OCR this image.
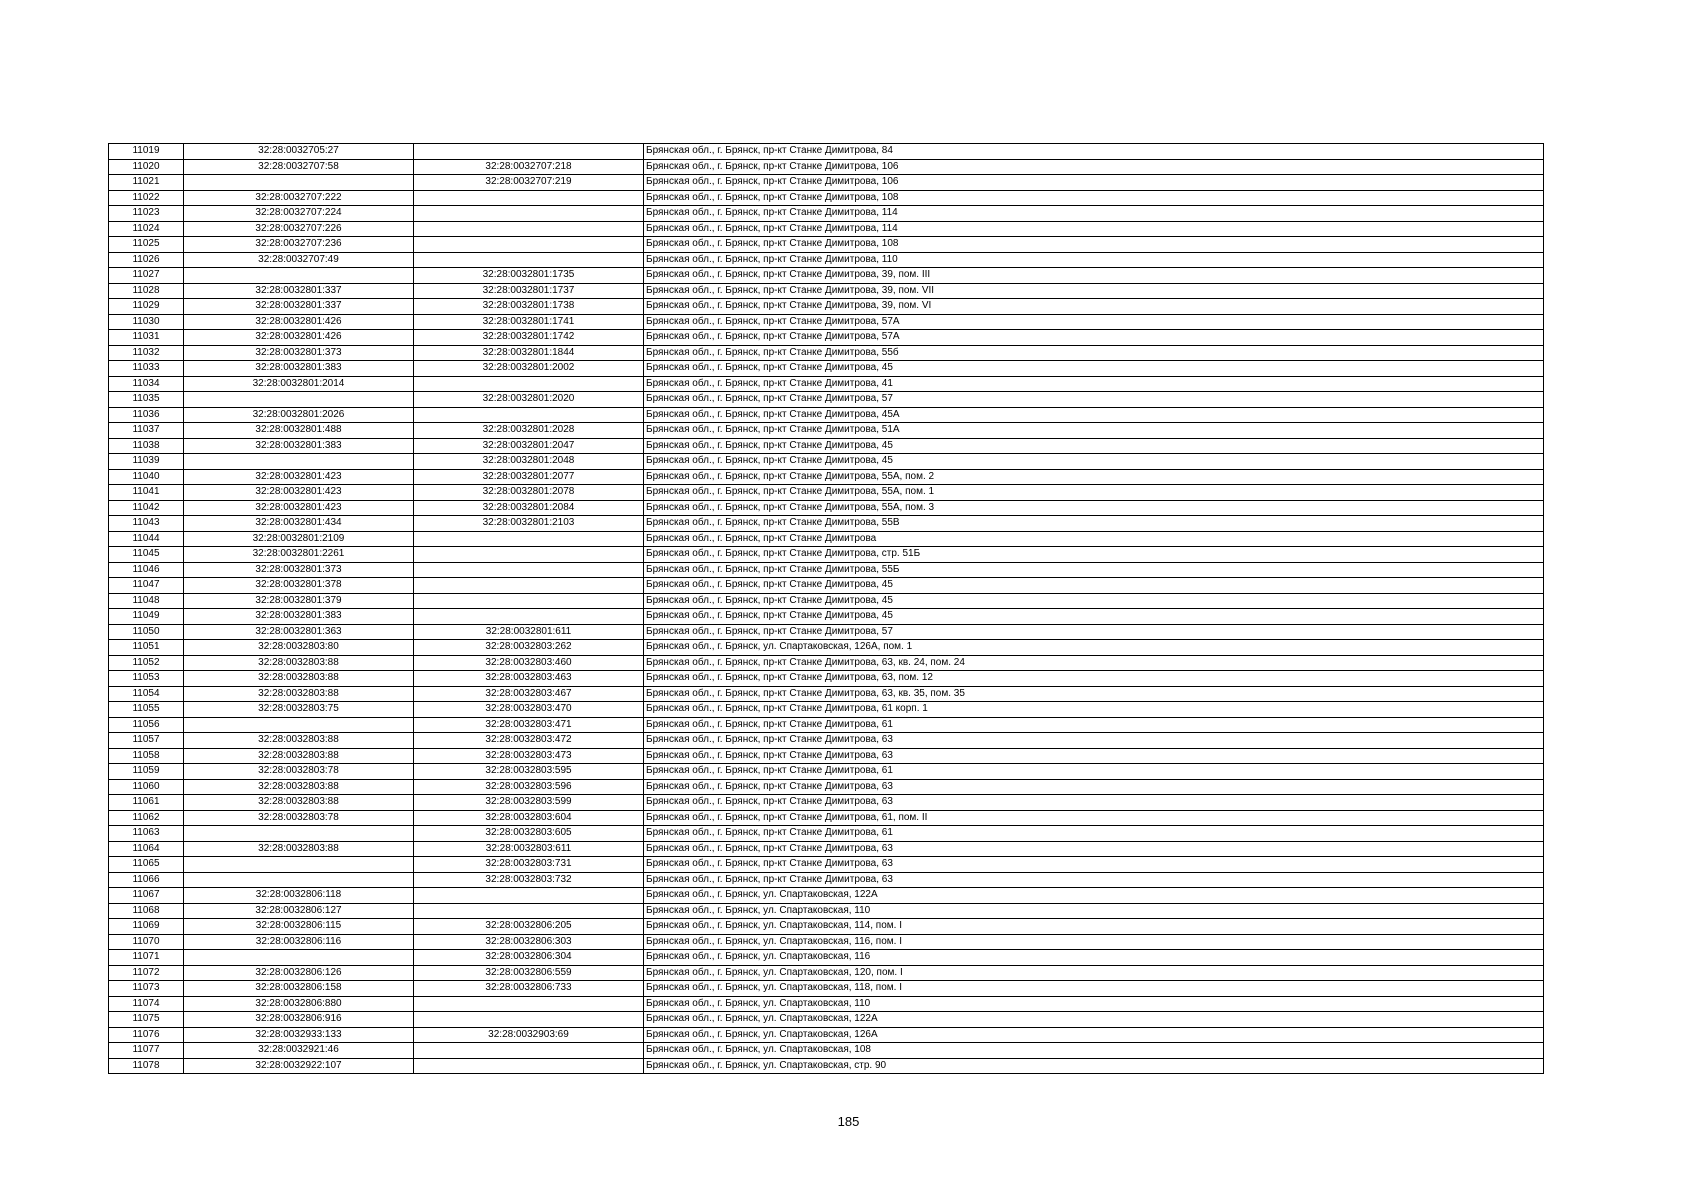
11019	32:28:0032705:27		Брянская обл., г. Брянск, пр-кт Станке Димитрова, 84
11020	32:28:0032707:58	32:28:0032707:218	Брянская обл., г. Брянск, пр-кт Станке Димитрова, 106
11021		32:28:0032707:219	Брянская обл., г. Брянск, пр-кт Станке Димитрова, 106
11022	32:28:0032707:222		Брянская обл., г. Брянск, пр-кт Станке Димитрова, 108
11023	32:28:0032707:224		Брянская обл., г. Брянск, пр-кт Станке Димитрова, 114
11024	32:28:0032707:226		Брянская обл., г. Брянск, пр-кт Станке Димитрова, 114
11025	32:28:0032707:236		Брянская обл., г. Брянск, пр-кт Станке Димитрова, 108
11026	32:28:0032707:49		Брянская обл., г. Брянск, пр-кт Станке Димитрова, 110
11027		32:28:0032801:1735	Брянская обл., г. Брянск, пр-кт Станке Димитрова, 39, пом. III
11028	32:28:0032801:337	32:28:0032801:1737	Брянская обл., г. Брянск, пр-кт Станке Димитрова, 39, пом. VII
11029	32:28:0032801:337	32:28:0032801:1738	Брянская обл., г. Брянск, пр-кт Станке Димитрова, 39, пом. VI
11030	32:28:0032801:426	32:28:0032801:1741	Брянская обл., г. Брянск, пр-кт Станке Димитрова, 57А
11031	32:28:0032801:426	32:28:0032801:1742	Брянская обл., г. Брянск, пр-кт Станке Димитрова, 57А
11032	32:28:0032801:373	32:28:0032801:1844	Брянская обл., г. Брянск, пр-кт Станке Димитрова, 55б
11033	32:28:0032801:383	32:28:0032801:2002	Брянская обл., г. Брянск, пр-кт Станке Димитрова, 45
11034	32:28:0032801:2014		Брянская обл., г. Брянск, пр-кт Станке Димитрова, 41
11035		32:28:0032801:2020	Брянская обл., г. Брянск, пр-кт Станке Димитрова, 57
11036	32:28:0032801:2026		Брянская обл., г. Брянск, пр-кт Станке Димитрова, 45А
11037	32:28:0032801:488	32:28:0032801:2028	Брянская обл., г. Брянск, пр-кт Станке Димитрова, 51А
11038	32:28:0032801:383	32:28:0032801:2047	Брянская обл., г. Брянск, пр-кт Станке Димитрова, 45
11039		32:28:0032801:2048	Брянская обл., г. Брянск, пр-кт Станке Димитрова, 45
11040	32:28:0032801:423	32:28:0032801:2077	Брянская обл., г. Брянск, пр-кт Станке Димитрова, 55А, пом. 2
11041	32:28:0032801:423	32:28:0032801:2078	Брянская обл., г. Брянск, пр-кт Станке Димитрова, 55А, пом. 1
11042	32:28:0032801:423	32:28:0032801:2084	Брянская обл., г. Брянск, пр-кт Станке Димитрова, 55А, пом. 3
11043	32:28:0032801:434	32:28:0032801:2103	Брянская обл., г. Брянск, пр-кт Станке Димитрова, 55В
11044	32:28:0032801:2109		Брянская обл., г. Брянск, пр-кт Станке Димитрова
11045	32:28:0032801:2261		Брянская обл., г. Брянск, пр-кт Станке Димитрова, стр. 51Б
11046	32:28:0032801:373		Брянская обл., г. Брянск, пр-кт Станке Димитрова, 55Б
11047	32:28:0032801:378		Брянская обл., г. Брянск, пр-кт Станке Димитрова, 45
11048	32:28:0032801:379		Брянская обл., г. Брянск, пр-кт Станке Димитрова, 45
11049	32:28:0032801:383		Брянская обл., г. Брянск, пр-кт Станке Димитрова, 45
11050	32:28:0032801:363	32:28:0032801:611	Брянская обл., г. Брянск, пр-кт Станке Димитрова, 57
11051	32:28:0032803:80	32:28:0032803:262	Брянская обл., г. Брянск, ул. Спартаковская, 126А, пом. 1
11052	32:28:0032803:88	32:28:0032803:460	Брянская обл., г. Брянск, пр-кт Станке Димитрова, 63, кв. 24, пом. 24
11053	32:28:0032803:88	32:28:0032803:463	Брянская обл., г. Брянск, пр-кт Станке Димитрова, 63, пом. 12
11054	32:28:0032803:88	32:28:0032803:467	Брянская обл., г. Брянск, пр-кт Станке Димитрова, 63, кв. 35, пом. 35
11055	32:28:0032803:75	32:28:0032803:470	Брянская обл., г. Брянск, пр-кт Станке Димитрова, 61 корп. 1
11056		32:28:0032803:471	Брянская обл., г. Брянск, пр-кт Станке Димитрова, 61
11057	32:28:0032803:88	32:28:0032803:472	Брянская обл., г. Брянск, пр-кт Станке Димитрова, 63
11058	32:28:0032803:88	32:28:0032803:473	Брянская обл., г. Брянск, пр-кт Станке Димитрова, 63
11059	32:28:0032803:78	32:28:0032803:595	Брянская обл., г. Брянск, пр-кт Станке Димитрова, 61
11060	32:28:0032803:88	32:28:0032803:596	Брянская обл., г. Брянск, пр-кт Станке Димитрова, 63
11061	32:28:0032803:88	32:28:0032803:599	Брянская обл., г. Брянск, пр-кт Станке Димитрова, 63
11062	32:28:0032803:78	32:28:0032803:604	Брянская обл., г. Брянск, пр-кт Станке Димитрова, 61, пом. II
11063		32:28:0032803:605	Брянская обл., г. Брянск, пр-кт Станке Димитрова, 61
11064	32:28:0032803:88	32:28:0032803:611	Брянская обл., г. Брянск, пр-кт Станке Димитрова, 63
11065		32:28:0032803:731	Брянская обл., г. Брянск, пр-кт Станке Димитрова, 63
11066		32:28:0032803:732	Брянская обл., г. Брянск, пр-кт Станке Димитрова, 63
11067	32:28:0032806:118		Брянская обл., г. Брянск, ул. Спартаковская, 122А
11068	32:28:0032806:127		Брянская обл., г. Брянск, ул. Спартаковская, 110
11069	32:28:0032806:115	32:28:0032806:205	Брянская обл., г. Брянск, ул. Спартаковская, 114, пом. I
11070	32:28:0032806:116	32:28:0032806:303	Брянская обл., г. Брянск, ул. Спартаковская, 116, пом. I
11071		32:28:0032806:304	Брянская обл., г. Брянск, ул. Спартаковская, 116
11072	32:28:0032806:126	32:28:0032806:559	Брянская обл., г. Брянск, ул. Спартаковская, 120, пом. I
11073	32:28:0032806:158	32:28:0032806:733	Брянская обл., г. Брянск, ул. Спартаковская, 118, пом. I
11074	32:28:0032806:880		Брянская обл., г. Брянск, ул. Спартаковская, 110
11075	32:28:0032806:916		Брянская обл., г. Брянск, ул. Спартаковская, 122А
11076	32:28:0032933:133	32:28:0032903:69	Брянская обл., г. Брянск, ул. Спартаковская, 126А
11077	32:28:0032921:46		Брянская обл., г. Брянск, ул. Спартаковская, 108
11078	32:28:0032922:107		Брянская обл., г. Брянск, ул. Спартаковская, стр. 90
185
